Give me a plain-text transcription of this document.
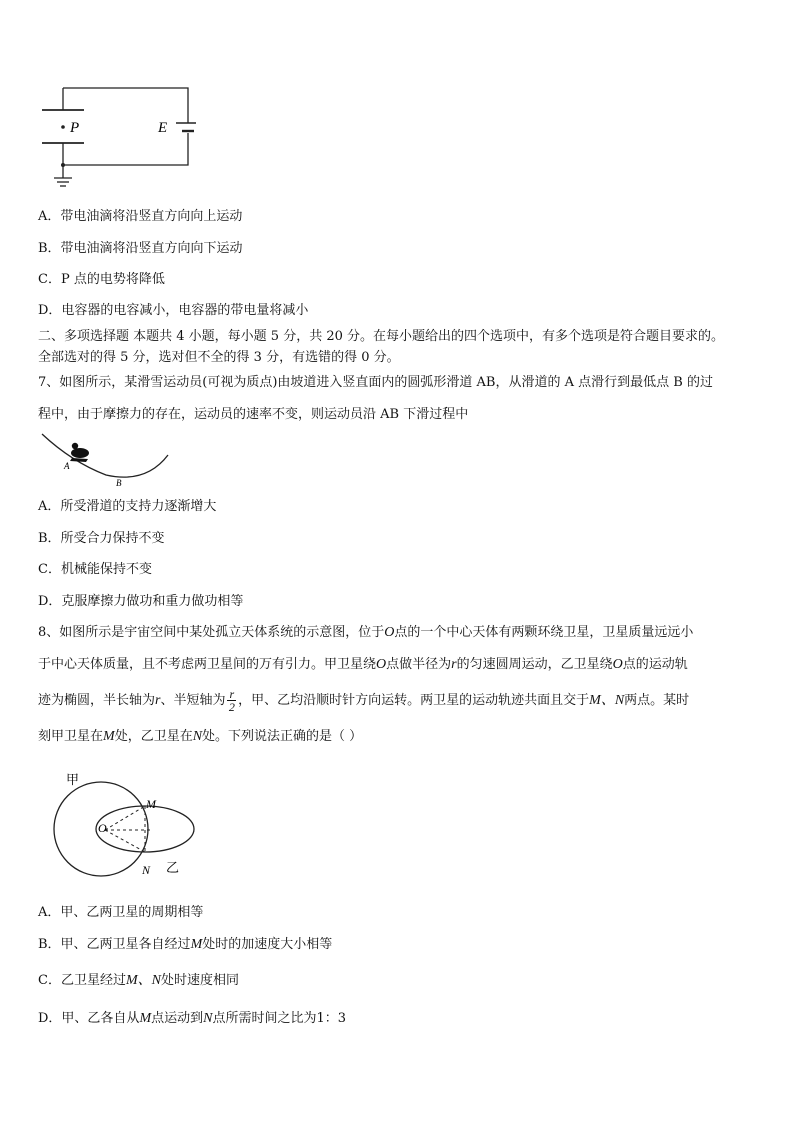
P	E
A．带电油滴将沿竖直方向向上运动
B．带电油滴将沿竖直方向向下运动
C．P 点的电势将降低
D．电容器的电容减小，电容器的带电量将减小
二、多项选择题 本题共 4 小题，每小题 5 分，共 20 分。在每小题给出的四个选项中，有多个选项是符合题目要求的。
全部选对的得 5 分，选对但不全的得 3 分，有选错的得 0 分。
7、如图所示，某滑雪运动员(可视为质点)由坡道进入竖直面内的圆弧形滑道 AB，从滑道的 A 点滑行到最低点 B 的过
程中，由于摩擦力的存在，运动员的速率不变，则运动员沿 AB 下滑过程中
A
B
A．所受滑道的支持力逐渐增大
B．所受合力保持不变
C．机械能保持不变
D．克服摩擦力做功和重力做功相等
8、如图所示是宇宙空间中某处孤立天体系统的示意图，位于O点的一个中心天体有两颗环绕卫星，卫星质量远远小
于中心天体质量，且不考虑两卫星间的万有引力。甲卫星绕O点做半径为r的匀速圆周运动，乙卫星绕O点的运动轨
迹为椭圆，半长轴为r、半短轴为 $\frac{r}{2}$ ，甲、乙均沿顺时针方向运转。两卫星的运动轨迹共面且交于M、N两点。某时
刻甲卫星在M处，乙卫星在N处。下列说法正确的是（ ）
甲
M
O
N 乙
A．甲、乙两卫星的周期相等
B．甲、乙两卫星各自经过M处时的加速度大小相等
C．乙卫星经过M、N处时速度相同
D．甲、乙各自从M点运动到N点所需时间之比为1：3
